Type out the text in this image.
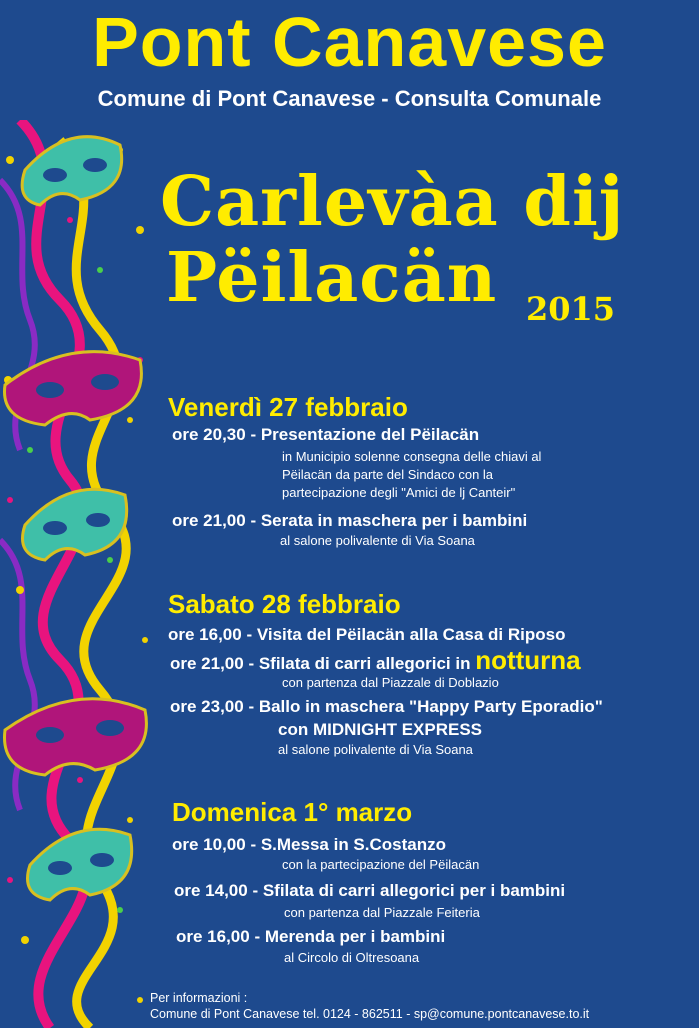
Pont Canavese
Comune di Pont Canavese - Consulta Comunale
Carlevàa dij
Pëilacän 2015
Venerdì 27 febbraio
ore 20,30 - Presentazione del Pëilacän
in Municipio solenne consegna delle chiavi al
Pëilacän da parte del Sindaco con la
partecipazione degli "Amici de lj Canteir"
ore 21,00 - Serata in maschera per i bambini
al salone polivalente di Via Soana
Sabato 28 febbraio
ore 16,00 - Visita del Pëilacän alla Casa di Riposo
ore 21,00 - Sfilata di carri allegorici in notturna
con partenza dal Piazzale di Doblazio
ore 23,00 - Ballo in maschera "Happy Party Eporadio"
con MIDNIGHT EXPRESS
al salone polivalente di Via Soana
Domenica 1° marzo
ore 10,00 - S.Messa in S.Costanzo
con la partecipazione del Pëilacän
ore 14,00 - Sfilata di carri allegorici per i bambini
con partenza dal Piazzale Feiteria
ore 16,00 - Merenda per i bambini
al Circolo di Oltresoana
Per informazioni :
Comune di Pont Canavese tel. 0124 - 862511 - sp@comune.pontcanavese.to.it
